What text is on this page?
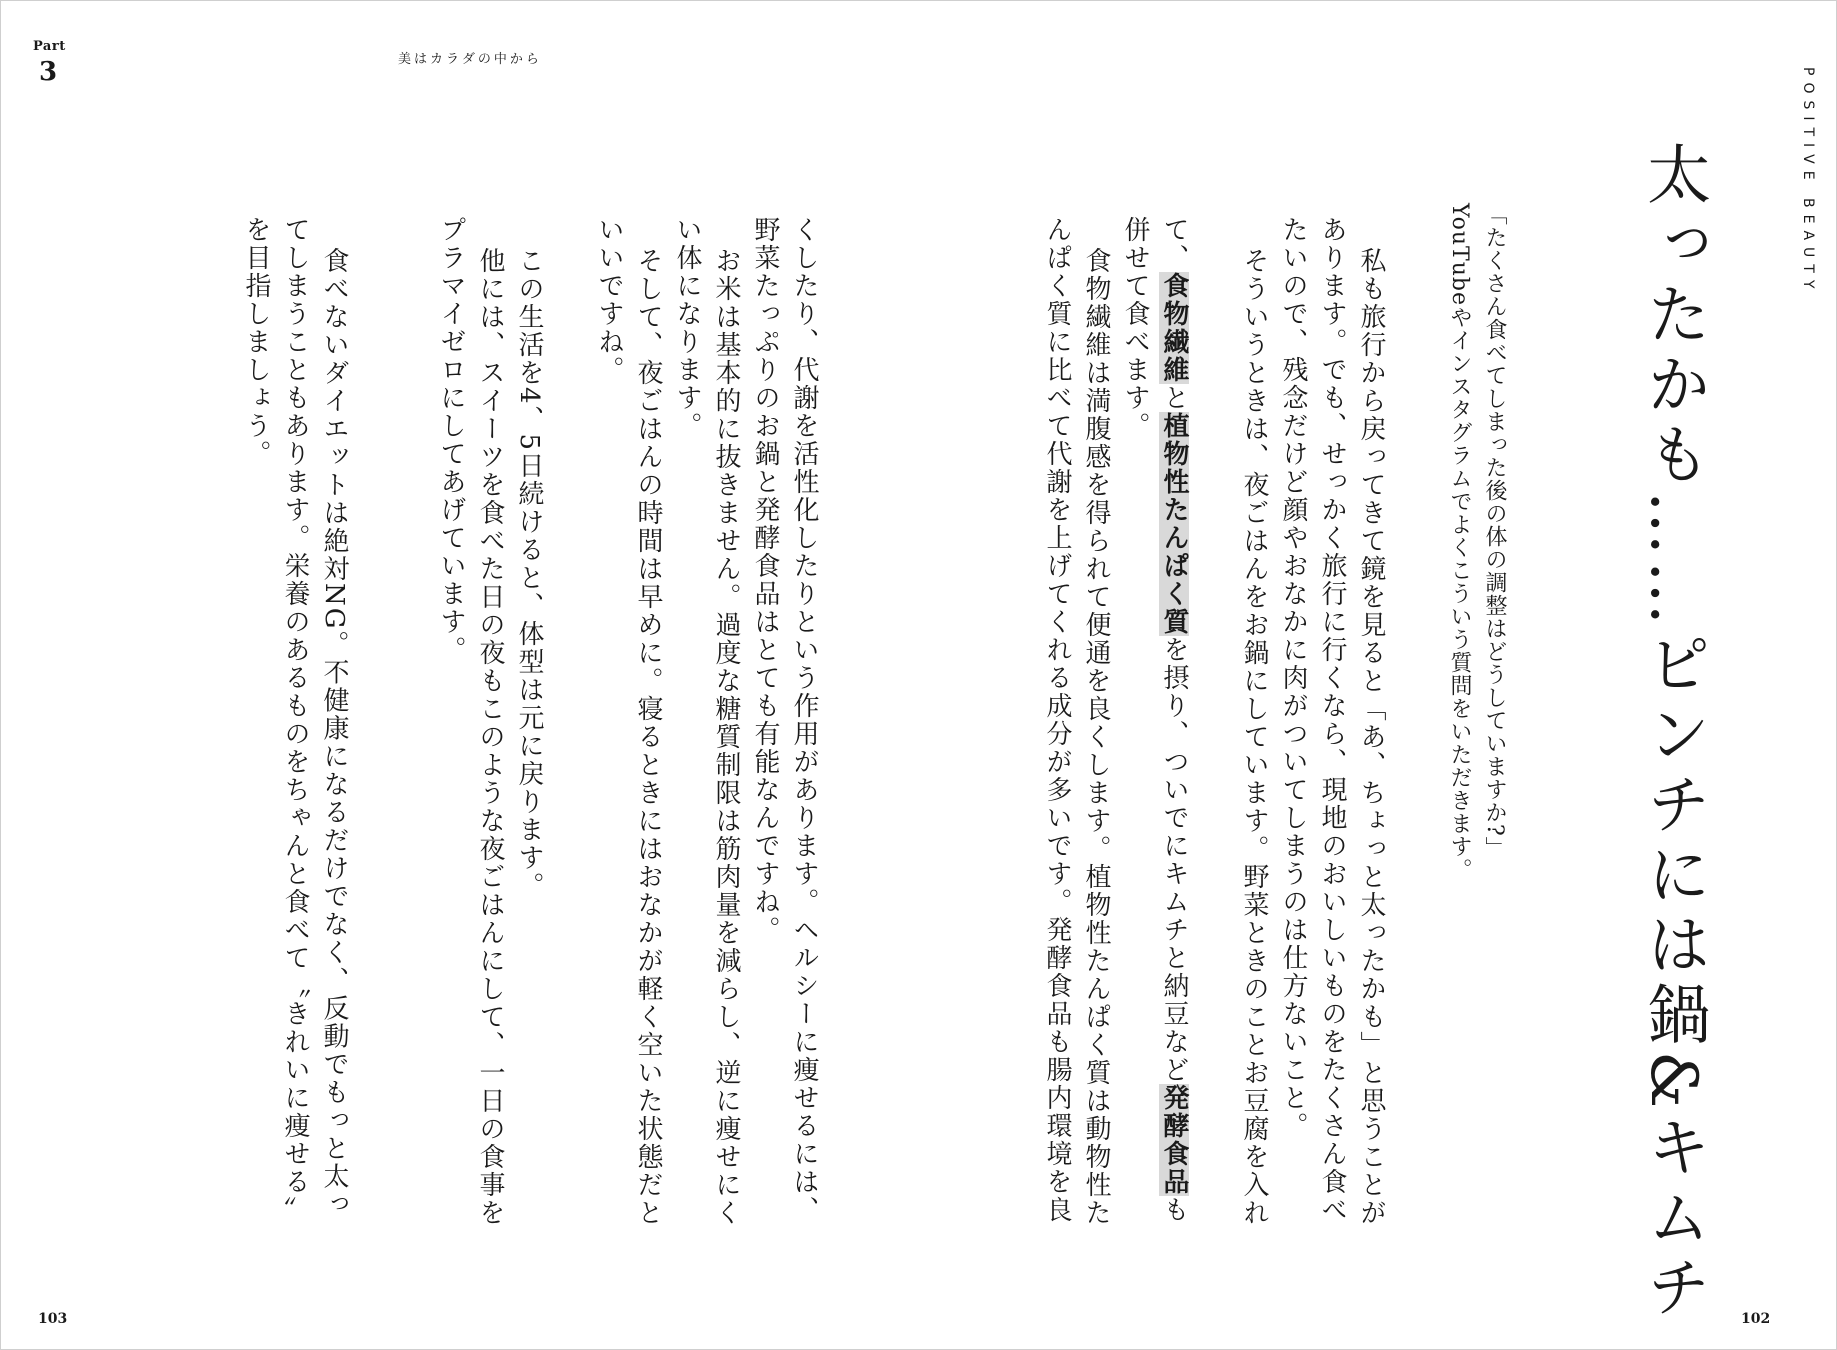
Part
3	美はカラダの中から
POSITIVE BEAUTY
太ったかも……ピンチには鍋&キムチ
「たくさん食べてしまった後の体の調整はどうしていますか?」
YouTubeやインスタグラムでよくこういう質問をいただきます。
私も旅行から戻ってきて鏡を見ると「あ、ちょっと太ったかも」と思うことが
あります。でも、せっかく旅行に行くなら、現地のおいしいものをたくさん食べ
たいので、残念だけど顔やおなかに肉がついてしまうのは仕方ないこと。
そういうときは、夜ごはんをお鍋にしています。野菜ときのことお豆腐を入れ
て、食物繊維と植物性たんぱく質を摂り、ついでにキムチと納豆など発酵食品も
併せて食べます。
食物繊維は満腹感を得られて便通を良くします。植物性たんぱく質は動物性た
んぱく質に比べて代謝を上げてくれる成分が多いです。発酵食品も腸内環境を良
くしたり、代謝を活性化したりという作用があります。ヘルシーに痩せるには、
野菜たっぷりのお鍋と発酵食品はとても有能なんですね。
お米は基本的に抜きません。過度な糖質制限は筋肉量を減らし、逆に痩せにく
い体になります。
そして、夜ごはんの時間は早めに。寝るときにはおなかが軽く空いた状態だと
いいですね。
この生活を4、5日続けると、体型は元に戻ります。
他には、スイーツを食べた日の夜もこのような夜ごはんにして、一日の食事を
プラマイゼロにしてあげています。
食べないダイエットは絶対NG。不健康になるだけでなく、反動でもっと太っ
てしまうこともあります。栄養のあるものをちゃんと食べて〝きれいに痩せる〟
を目指しましょう。
103	102
